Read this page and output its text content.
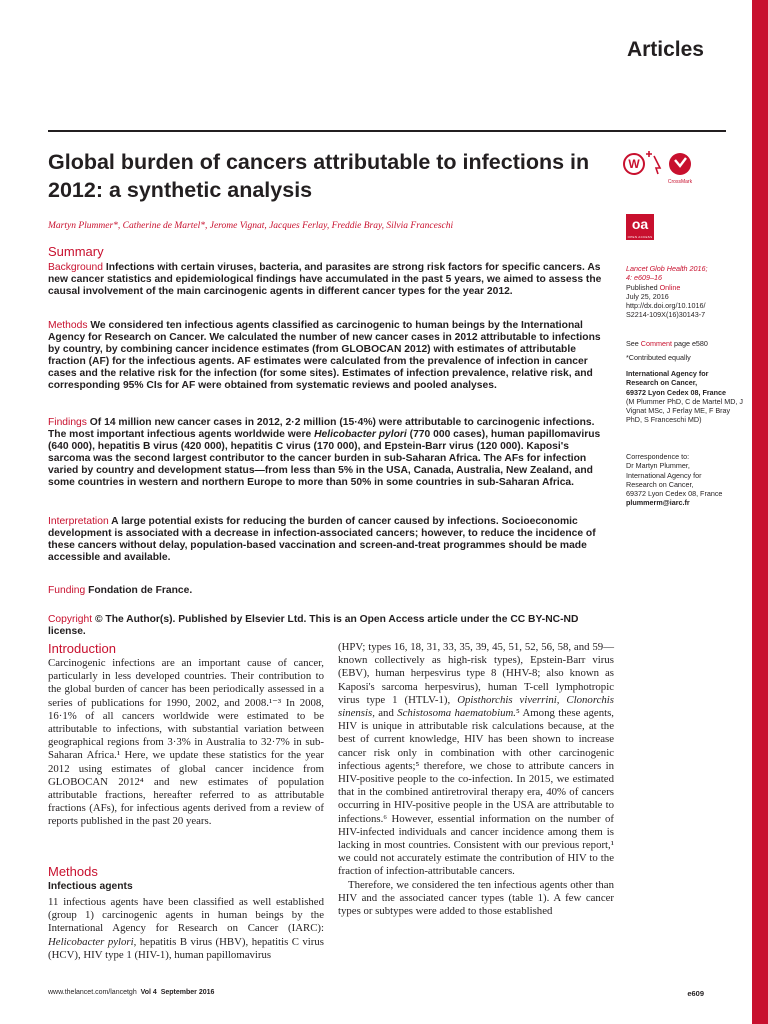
Articles
Global burden of cancers attributable to infections in 2012: a synthetic analysis
W
CrossMark
oa
OPEN ACCESS
Martyn Plummer*, Catherine de Martel*, Jerome Vignat, Jacques Ferlay, Freddie Bray, Silvia Franceschi
Summary
Background Infections with certain viruses, bacteria, and parasites are strong risk factors for specific cancers. As new cancer statistics and epidemiological findings have accumulated in the past 5 years, we aimed to assess the causal involvement of the main carcinogenic agents in different cancer types for the year 2012.
Methods We considered ten infectious agents classified as carcinogenic to human beings by the International Agency for Research on Cancer. We calculated the number of new cancer cases in 2012 attributable to infections by country, by combining cancer incidence estimates (from GLOBOCAN 2012) with estimates of attributable fraction (AF) for the infectious agents. AF estimates were calculated from the prevalence of infection in cancer cases and the relative risk for the infection (for some sites). Estimates of infection prevalence, relative risk, and corresponding 95% CIs for AF were obtained from systematic reviews and pooled analyses.
Findings Of 14 million new cancer cases in 2012, 2·2 million (15·4%) were attributable to carcinogenic infections. The most important infectious agents worldwide were Helicobacter pylori (770 000 cases), human papillomavirus (640 000), hepatitis B virus (420 000), hepatitis C virus (170 000), and Epstein-Barr virus (120 000). Kaposi's sarcoma was the second largest contributor to the cancer burden in sub-Saharan Africa. The AFs for infection varied by country and development status—from less than 5% in the USA, Canada, Australia, New Zealand, and some countries in western and northern Europe to more than 50% in some countries in sub-Saharan Africa.
Interpretation A large potential exists for reducing the burden of cancer caused by infections. Socioeconomic development is associated with a decrease in infection-associated cancers; however, to reduce the incidence of these cancers without delay, population-based vaccination and screen-and-treat programmes should be made accessible and available.
Funding Fondation de France.
Copyright © The Author(s). Published by Elsevier Ltd. This is an Open Access article under the CC BY-NC-ND license.
Lancet Glob Health 2016;
4: e609–16
Published Online
July 25, 2016
http://dx.doi.org/10.1016/
S2214-109X(16)30143-7
See Comment page e580
*Contributed equally
International Agency for
Research on Cancer,
69372 Lyon Cedex 08, France
(M Plummer PhD, C de Martel MD, J Vignat MSc, J Ferlay ME, F Bray PhD, S Franceschi MD)
Correspondence to:
Dr Martyn Plummer,
International Agency for
Research on Cancer,
69372 Lyon Cedex 08, France
plummerm@iarc.fr
Introduction

Carcinogenic infections are an important cause of cancer, particularly in less developed countries. Their contribution to the global burden of cancer has been periodically assessed in a series of publications for 1990, 2002, and 2008.¹⁻³ In 2008, 16·1% of all cancers worldwide were estimated to be attributable to infections, with substantial variation between geographical regions from 3·3% in Australia to 32·7% in sub-Saharan Africa.¹ Here, we update these statistics for the year 2012 using estimates of global cancer incidence from GLOBOCAN 2012⁴ and new estimates of population attributable fractions, hereafter referred to as attributable fractions (AFs), for infectious agents derived from a review of reports published in the past 20 years.

Methods
Infectious agents

11 infectious agents have been classified as well established (group 1) carcinogenic agents in human beings by the International Agency for Research on Cancer (IARC): Helicobacter pylori, hepatitis B virus (HBV), hepatitis C virus (HCV), HIV type 1 (HIV-1), human papillomavirus

(HPV; types 16, 18, 31, 33, 35, 39, 45, 51, 52, 56, 58, and 59—known collectively as high-risk types), Epstein-Barr virus (EBV), human herpesvirus type 8 (HHV-8; also known as Kaposi's sarcoma herpesvirus), human T-cell lymphotropic virus type 1 (HTLV-1), Opisthorchis viverrini, Clonorchis sinensis, and Schistosoma haematobium.⁵ Among these agents, HIV is unique in attributable risk calculations because, at the best of current knowledge, HIV has been shown to increase cancer risk only in combination with other carcinogenic infectious agents;⁵ therefore, we chose to attribute cancers in HIV-positive people to the co-infection. In 2015, we estimated that in the combined antiretroviral therapy era, 40% of cancers occurring in HIV-positive people in the USA are attributable to infections.⁶ However, essential information on the number of HIV-infected individuals and cancer incidence among them is lacking in most countries. Consistent with our previous report,¹ we could not accurately estimate the contribution of HIV to the fraction of infection-attributable cancers.

Therefore, we considered the ten infectious agents other than HIV and the associated cancer types (table 1). A few cancer types or subtypes were added to those established

www.thelancet.com/lancetgh Vol 4 September 2016	e609
